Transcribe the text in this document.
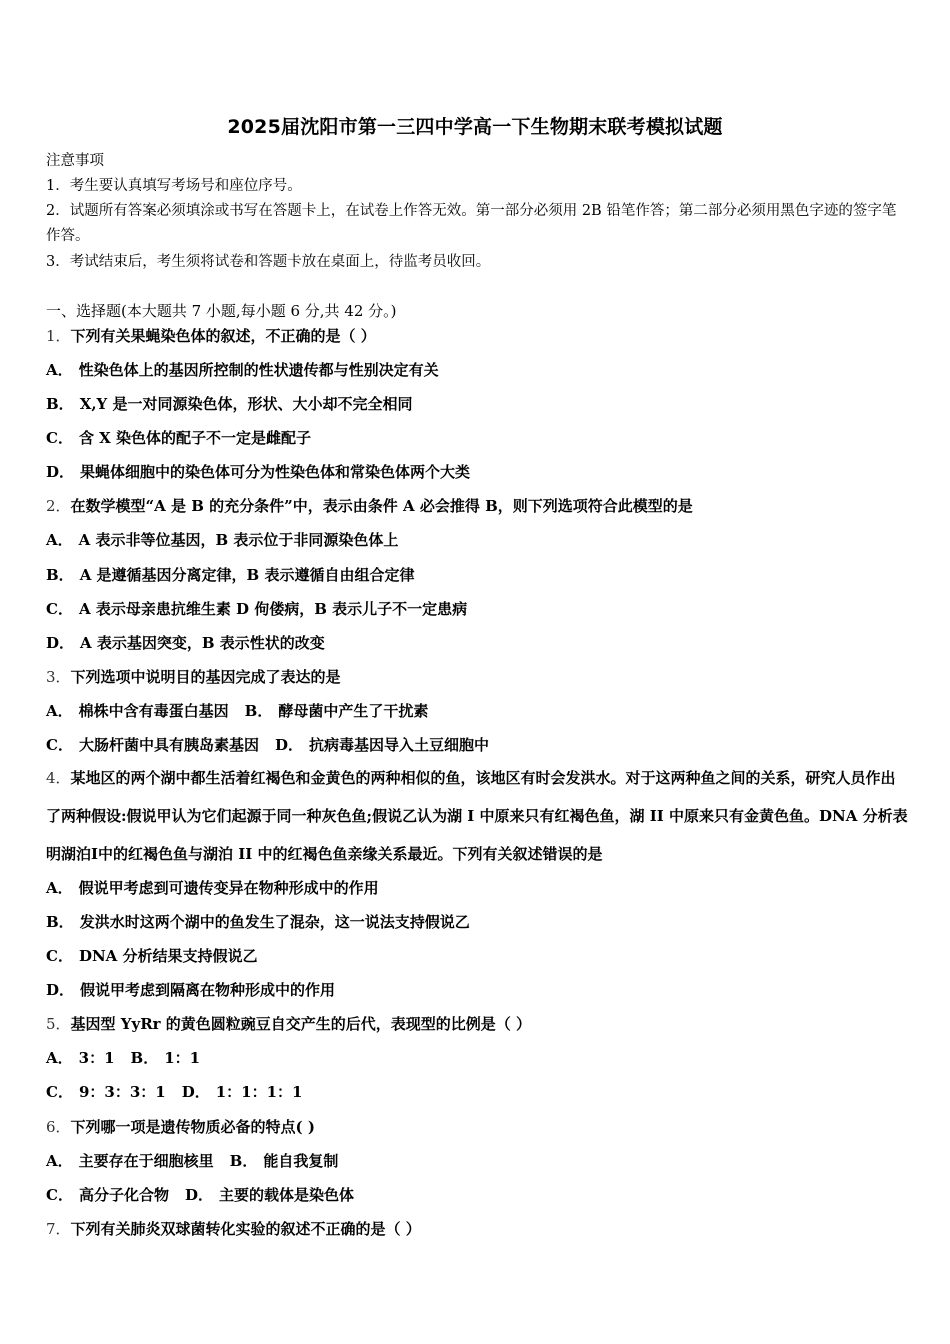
2025届沈阳市第一三四中学高一下生物期末联考模拟试题
注意事项
1．考生要认真填写考场号和座位序号。
2．试题所有答案必须填涂或书写在答题卡上，在试卷上作答无效。第一部分必须用 2B 铅笔作答；第二部分必须用黑色字迹的签字笔作答。
3．考试结束后，考生须将试卷和答题卡放在桌面上，待监考员收回。
一、选择题(本大题共 7 小题,每小题 6 分,共 42 分。)
1．下列有关果蝇染色体的叙述，不正确的是（ ）
A． 性染色体上的基因所控制的性状遗传都与性别决定有关
B． X,Y 是一对同源染色体，形状、大小却不完全相同
C． 含 X 染色体的配子不一定是雌配子
D． 果蝇体细胞中的染色体可分为性染色体和常染色体两个大类
2．在数学模型“A 是 B 的充分条件”中，表示由条件 A 必会推得 B，则下列选项符合此模型的是
A． A 表示非等位基因，B 表示位于非同源染色体上
B． A 是遵循基因分离定律，B 表示遵循自由组合定律
C． A 表示母亲患抗维生素 D 佝偻病，B 表示儿子不一定患病
D． A 表示基因突变，B 表示性状的改变
3．下列选项中说明目的基因完成了表达的是
A． 棉株中含有毒蛋白基因 B． 酵母菌中产生了干扰素
C． 大肠杆菌中具有胰岛素基因 D． 抗病毒基因导入土豆细胞中
4．某地区的两个湖中都生活着红褐色和金黄色的两种相似的鱼，该地区有时会发洪水。对于这两种鱼之间的关系，研究人员作出了两种假设:假说甲认为它们起源于同一种灰色鱼;假说乙认为湖 I 中原来只有红褐色鱼，湖 II 中原来只有金黄色鱼。DNA 分析表明湖泊Ⅰ中的红褐色鱼与湖泊 II 中的红褐色鱼亲缘关系最近。下列有关叙述错误的是
A． 假说甲考虑到可遗传变异在物种形成中的作用
B． 发洪水时这两个湖中的鱼发生了混杂，这一说法支持假说乙
C． DNA 分析结果支持假说乙
D． 假说甲考虑到隔离在物种形成中的作用
5．基因型 YyRr 的黄色圆粒豌豆自交产生的后代，表现型的比例是（ ）
A． 3：1 B． 1：1
C． 9：3：3：1 D． 1：1：1：1
6．下列哪一项是遗传物质必备的特点( )
A． 主要存在于细胞核里 B． 能自我复制
C． 高分子化合物 D． 主要的载体是染色体
7．下列有关肺炎双球菌转化实验的叙述不正确的是（ ）
